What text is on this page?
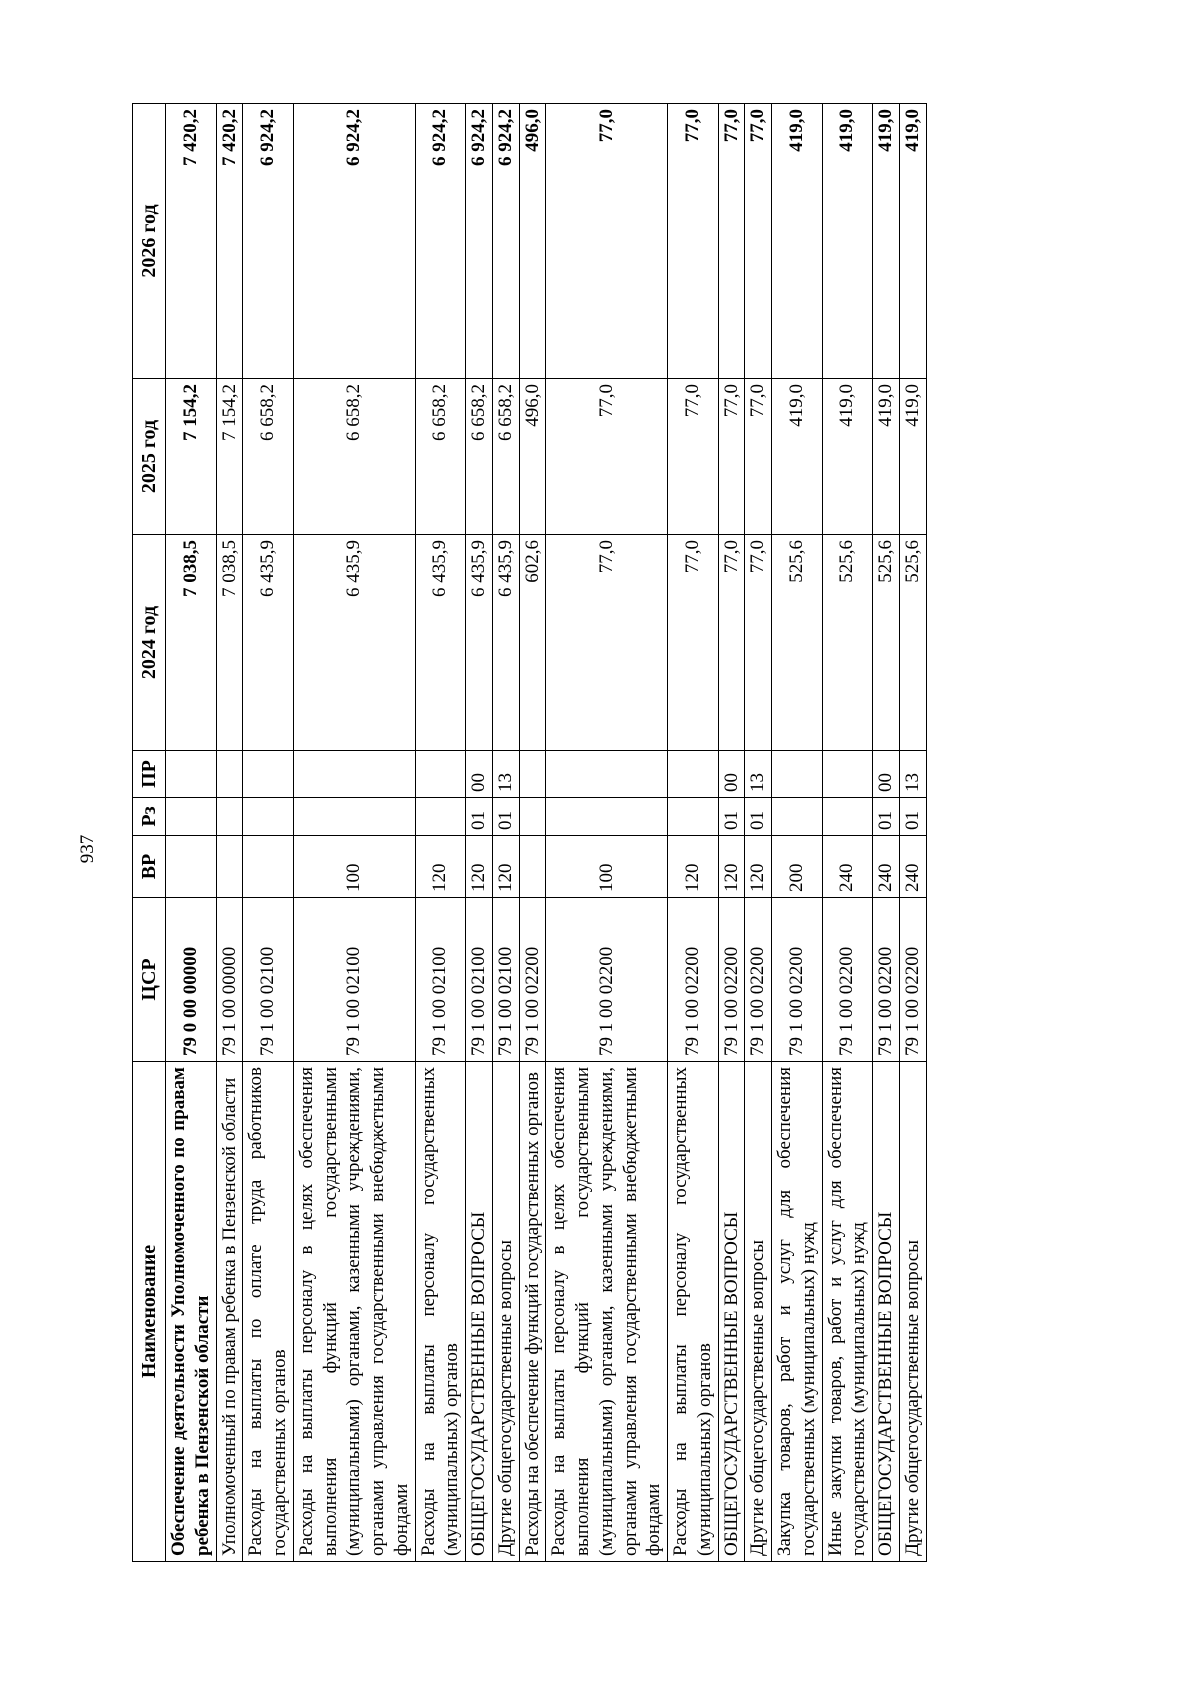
937
Наименование	ЦСР	ВР	Рз	ПР	2024 год	2025 год	2026 год
Обеспечение деятельности Уполномоченного по правам ребенка в Пензенской области	79 0 00 00000				7 038,5	7 154,2	7 420,2
Уполномоченный по правам ребенка в Пензенской области	79 1 00 00000				7 038,5	7 154,2	7 420,2
Расходы на выплаты по оплате труда работников государственных органов	79 1 00 02100				6 435,9	6 658,2	6 924,2
Расходы на выплаты персоналу в целях обеспечения выполнения функций государственными (муниципальными) органами, казенными учреждениями, органами управления государственными внебюджетными фондами	79 1 00 02100	100			6 435,9	6 658,2	6 924,2
Расходы на выплаты персоналу государственных (муниципальных) органов	79 1 00 02100	120			6 435,9	6 658,2	6 924,2
ОБЩЕГОСУДАРСТВЕННЫЕ ВОПРОСЫ	79 1 00 02100	120	01	00	6 435,9	6 658,2	6 924,2
Другие общегосударственные вопросы	79 1 00 02100	120	01	13	6 435,9	6 658,2	6 924,2
Расходы на обеспечение функций государственных органов	79 1 00 02200				602,6	496,0	496,0
Расходы на выплаты персоналу в целях обеспечения выполнения функций государственными (муниципальными) органами, казенными учреждениями, органами управления государственными внебюджетными фондами	79 1 00 02200	100			77,0	77,0	77,0
Расходы на выплаты персоналу государственных (муниципальных) органов	79 1 00 02200	120			77,0	77,0	77,0
ОБЩЕГОСУДАРСТВЕННЫЕ ВОПРОСЫ	79 1 00 02200	120	01	00	77,0	77,0	77,0
Другие общегосударственные вопросы	79 1 00 02200	120	01	13	77,0	77,0	77,0
Закупка товаров, работ и услуг для обеспечения государственных (муниципальных) нужд	79 1 00 02200	200			525,6	419,0	419,0
Иные закупки товаров, работ и услуг для обеспечения государственных (муниципальных) нужд	79 1 00 02200	240			525,6	419,0	419,0
ОБЩЕГОСУДАРСТВЕННЫЕ ВОПРОСЫ	79 1 00 02200	240	01	00	525,6	419,0	419,0
Другие общегосударственные вопросы	79 1 00 02200	240	01	13	525,6	419,0	419,0
